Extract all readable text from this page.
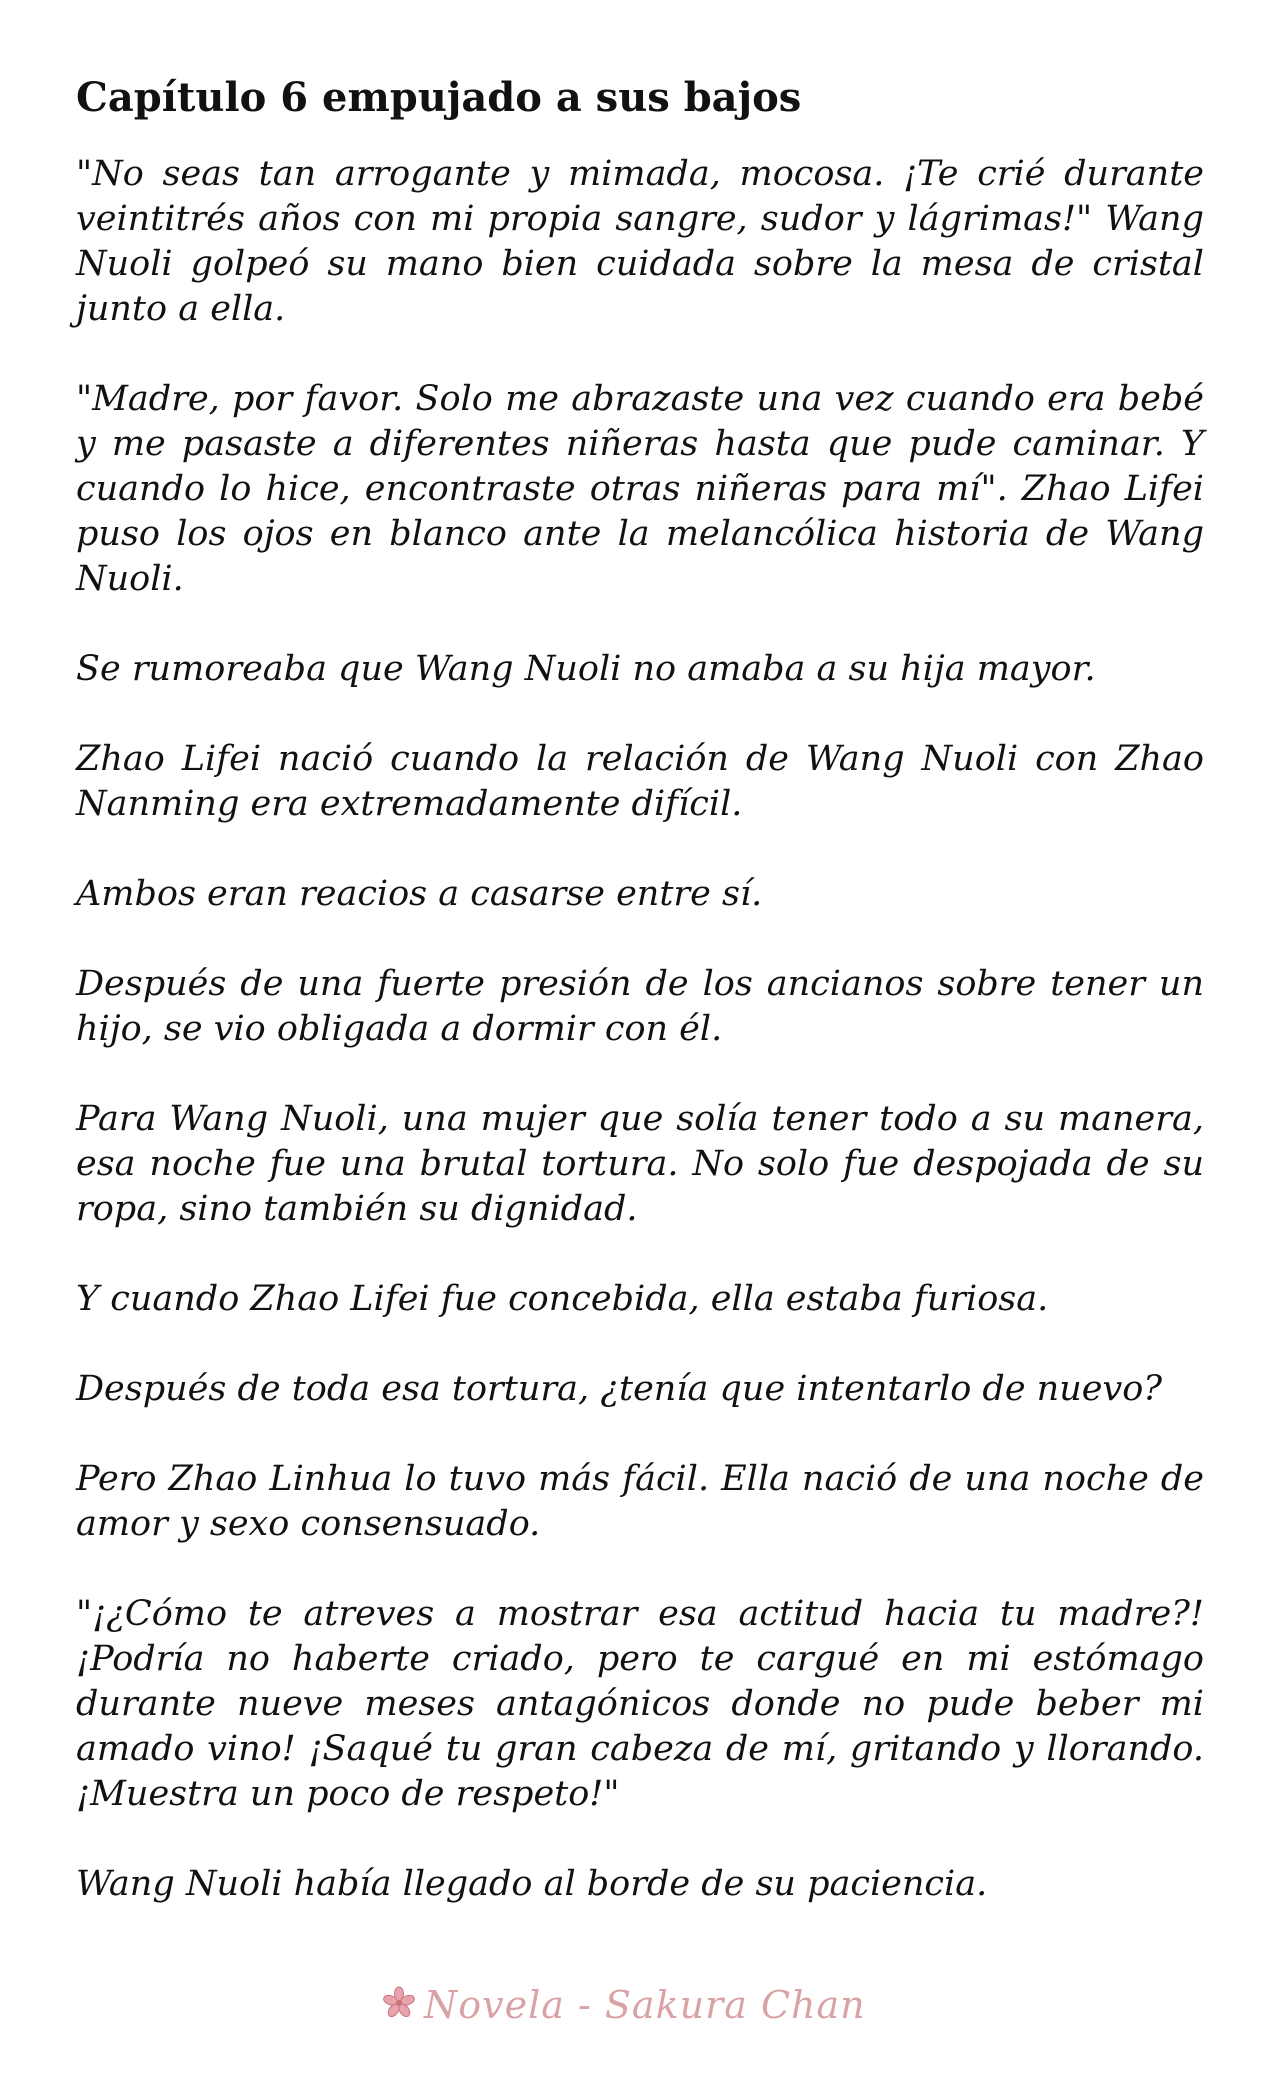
Capítulo 6 empujado a sus bajos

"No seas tan arrogante y mimada, mocosa. ¡Te crié durante veintitrés años con mi propia sangre, sudor y lágrimas!" Wang Nuoli golpeó su mano bien cuidada sobre la mesa de cristal junto a ella.

"Madre, por favor. Solo me abrazaste una vez cuando era bebé y me pasaste a diferentes niñeras hasta que pude caminar. Y cuando lo hice, encontraste otras niñeras para mí". Zhao Lifei puso los ojos en blanco ante la melancólica historia de Wang Nuoli.

Se rumoreaba que Wang Nuoli no amaba a su hija mayor.

Zhao Lifei nació cuando la relación de Wang Nuoli con Zhao Nanming era extremadamente difícil.

Ambos eran reacios a casarse entre sí.

Después de una fuerte presión de los ancianos sobre tener un hijo, se vio obligada a dormir con él.

Para Wang Nuoli, una mujer que solía tener todo a su manera, esa noche fue una brutal tortura. No solo fue despojada de su ropa, sino también su dignidad.

Y cuando Zhao Lifei fue concebida, ella estaba furiosa.

Después de toda esa tortura, ¿tenía que intentarlo de nuevo?

Pero Zhao Linhua lo tuvo más fácil. Ella nació de una noche de amor y sexo consensuado.

"¡¿Cómo te atreves a mostrar esa actitud hacia tu madre?! ¡Podría no haberte criado, pero te cargué en mi estómago durante nueve meses antagónicos donde no pude beber mi amado vino! ¡Saqué tu gran cabeza de mí, gritando y llorando. ¡Muestra un poco de respeto!"

Wang Nuoli había llegado al borde de su paciencia.

Novela - Sakura Chan
